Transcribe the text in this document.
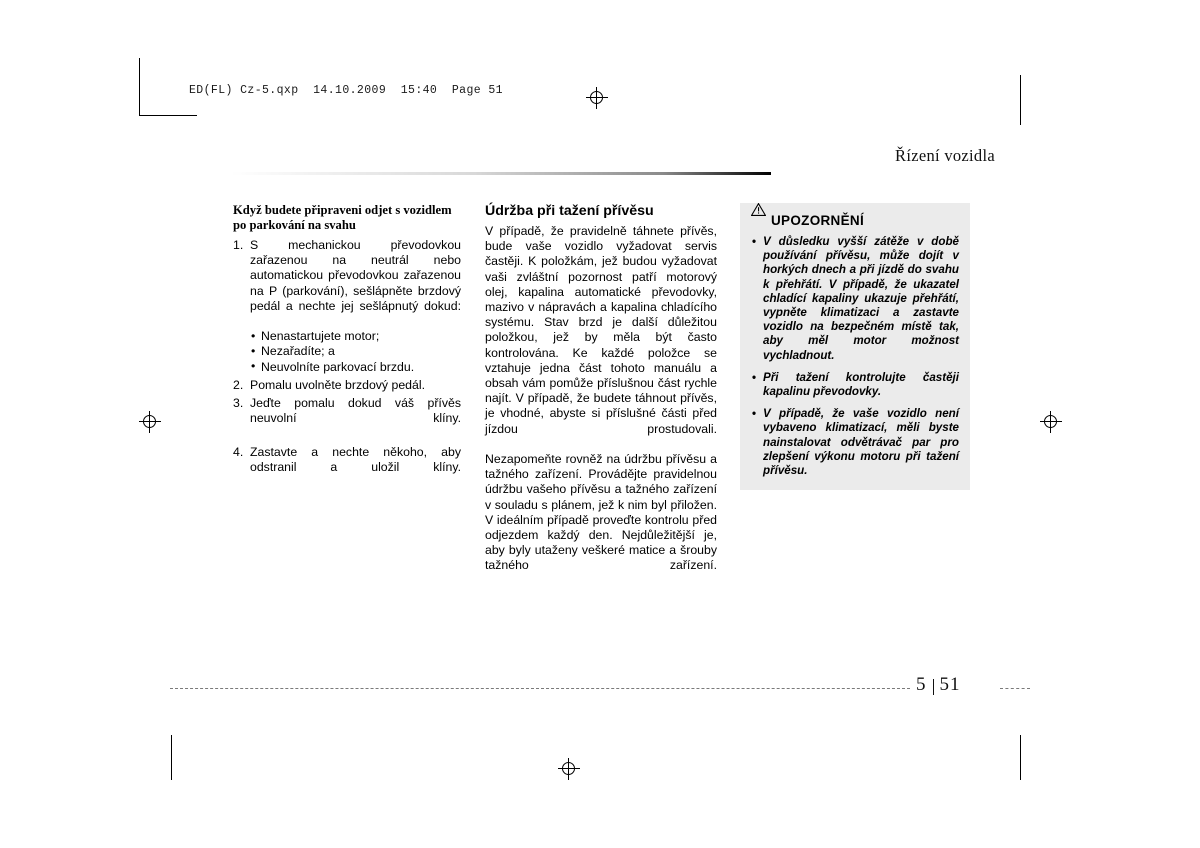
ED(FL) Cz-5.qxp  14.10.2009  15:40  Page 51
Řízení vozidla
Když budete připraveni odjet s vozidlem
po parkování na svahu
1. S mechanickou převodovkou zařazenou na neutrál nebo automatickou převodovkou zařazenou na P (parkování), sešlápněte brzdový pedál a nechte jej sešlápnutý dokud:
• Nenastartujete motor;
• Nezařadíte; a
• Neuvolníte parkovací brzdu.
2. Pomalu uvolněte brzdový pedál.
3. Jeďte pomalu dokud váš přívěs neuvolní klíny.
4. Zastavte a nechte někoho, aby odstranil a uložil klíny.
Údržba při tažení přívěsu

V případě, že pravidelně táhnete přívěs, bude vaše vozidlo vyžadovat servis častěji. K položkám, jež budou vyžadovat vaši zvláštní pozornost patří motorový olej, kapalina automatické převodovky, mazivo v nápravách a kapalina chladícího systému. Stav brzd je další důležitou položkou, jež by měla být často kontrolována. Ke každé položce se vztahuje jedna část tohoto manuálu a obsah vám pomůže příslušnou část rychle najít. V případě, že budete táhnout přívěs, je vhodné, abyste si příslušné části před jízdou prostudovali.

Nezapomeňte rovněž na údržbu přívěsu a tažného zařízení. Provádějte pravidelnou údržbu vašeho přívěsu a tažného zařízení v souladu s plánem, jež k nim byl přiložen. V ideálním případě proveďte kontrolu před odjezdem každý den. Nejdůležitější je, aby byly utaženy veškeré matice a šrouby tažného zařízení.

UPOZORNĚNÍ
• V důsledku vyšší zátěže v době používání přívěsu, může dojít v horkých dnech a při jízdě do svahu k přehřátí. V případě, že ukazatel chladící kapaliny ukazuje přehřátí, vypněte klimatizaci a zastavte vozidlo na bezpečném místě tak, aby měl motor možnost vychladnout.
• Při tažení kontrolujte častěji kapalinu převodovky.
• V případě, že vaše vozidlo není vybaveno klimatizací, měli byste nainstalovat odvětrávač par pro zlepšení výkonu motoru při tažení přívěsu.
5 51
